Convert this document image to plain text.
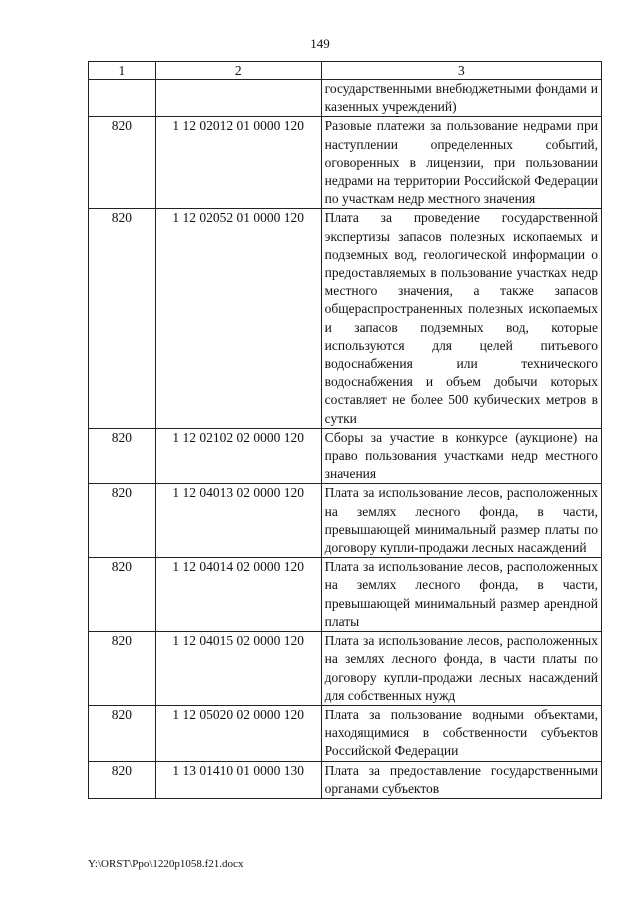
149
1	2	3
		государственными внебюджетными фондами и казенных учреждений)
820	1 12 02012 01 0000 120	Разовые платежи за пользование недрами при наступлении определенных событий, оговоренных в лицензии, при пользовании недрами на территории Российской Федерации по участкам недр местного значения
820	1 12 02052 01 0000 120	Плата за проведение государственной экспертизы запасов полезных ископаемых и подземных вод, геологической информации о предоставляемых в пользование участках недр местного значения, а также запасов общераспространенных полезных ископаемых и запасов подземных вод, которые используются для целей питьевого водоснабжения или технического водоснабжения и объем добычи которых составляет не более 500 кубических метров в сутки
820	1 12 02102 02 0000 120	Сборы за участие в конкурсе (аукционе) на право пользования участками недр местного значения
820	1 12 04013 02 0000 120	Плата за использование лесов, расположенных на землях лесного фонда, в части, превышающей минимальный размер платы по договору купли-продажи лесных насаждений
820	1 12 04014 02 0000 120	Плата за использование лесов, расположенных на землях лесного фонда, в части, превышающей минимальный размер арендной платы
820	1 12 04015 02 0000 120	Плата за использование лесов, расположенных на землях лесного фонда, в части платы по договору купли-продажи лесных насаждений для собственных нужд
820	1 12 05020 02 0000 120	Плата за пользование водными объектами, находящимися в собственности субъектов Российской Федерации
820	1 13 01410 01 0000 130	Плата за предоставление государственными органами субъектов
Y:\ORST\Ppo\1220p1058.f21.docx
